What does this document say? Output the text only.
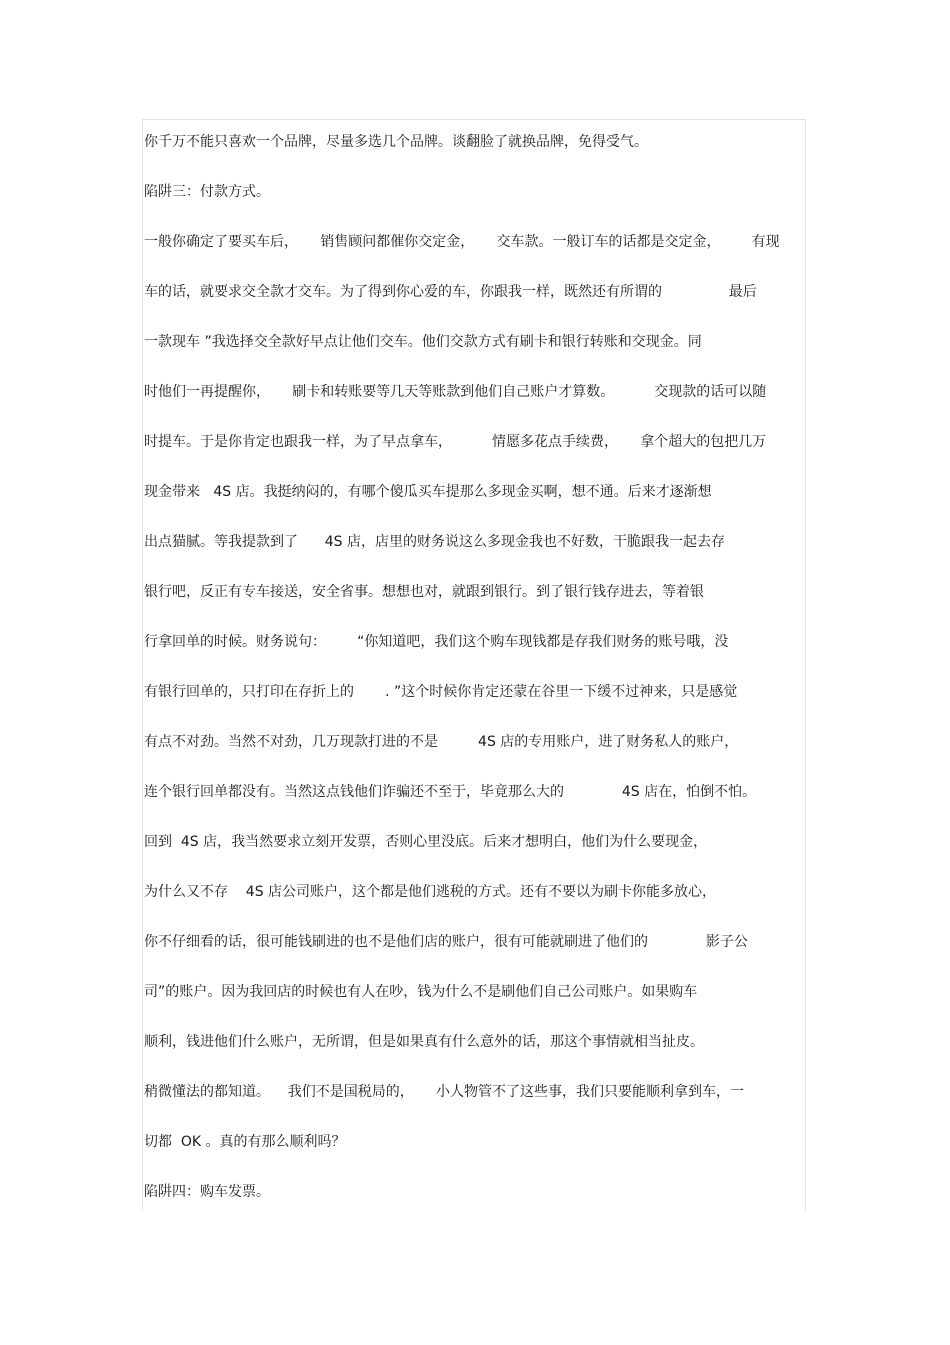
你千万不能只喜欢一个品牌，尽量多选几个品牌。谈翻脸了就换品牌，免得受气。
陷阱三：付款方式。
一般你确定了要买车后，     销售顾问都催你交定金，     交车款。一般订车的话都是交定金，       有现
车的话，就要求交全款才交车。为了得到你心爱的车，你跟我一样，既然还有所谓的               最后
一款现车 ”我选择交全款好早点让他们交车。他们交款方式有刷卡和银行转账和交现金。同
时他们一再提醒你，     刷卡和转账要等几天等账款到他们自己账户才算数。         交现款的话可以随
时提车。于是你肯定也跟我一样，为了早点拿车，         情愿多花点手续费，     拿个超大的包把几万
现金带来   4S 店。我挺纳闷的，有哪个傻瓜买车提那么多现金买啊，想不通。后来才逐渐想
出点猫腻。等我提款到了      4S 店，店里的财务说这么多现金我也不好数，干脆跟我一起去存
银行吧，反正有专车接送，安全省事。想想也对，就跟到银行。到了银行钱存进去，等着银
行拿回单的时候。财务说句：       “你知道吧，我们这个购车现钱都是存我们财务的账号哦，没
有银行回单的，只打印在存折上的       . ”这个时候你肯定还蒙在谷里一下缓不过神来，只是感觉
有点不对劲。当然不对劲，几万现款打进的不是         4S 店的专用账户，进了财务私人的账户，
连个银行回单都没有。当然这点钱他们诈骗还不至于，毕竟那么大的             4S 店在，怕倒不怕。
回到  4S 店，我当然要求立刻开发票，否则心里没底。后来才想明白，他们为什么要现金，
为什么又不存    4S 店公司账户，这个都是他们逃税的方式。还有不要以为刷卡你能多放心，
你不仔细看的话，很可能钱刷进的也不是他们店的账户，很有可能就刷进了他们的             影子公
司”的账户。因为我回店的时候也有人在吵，钱为什么不是刷他们自己公司账户。如果购车
顺利，钱进他们什么账户，无所谓，但是如果真有什么意外的话，那这个事情就相当扯皮。
稍微懂法的都知道。    我们不是国税局的，     小人物管不了这些事，我们只要能顺利拿到车，一
切都  OK 。真的有那么顺利吗？
陷阱四：购车发票。
